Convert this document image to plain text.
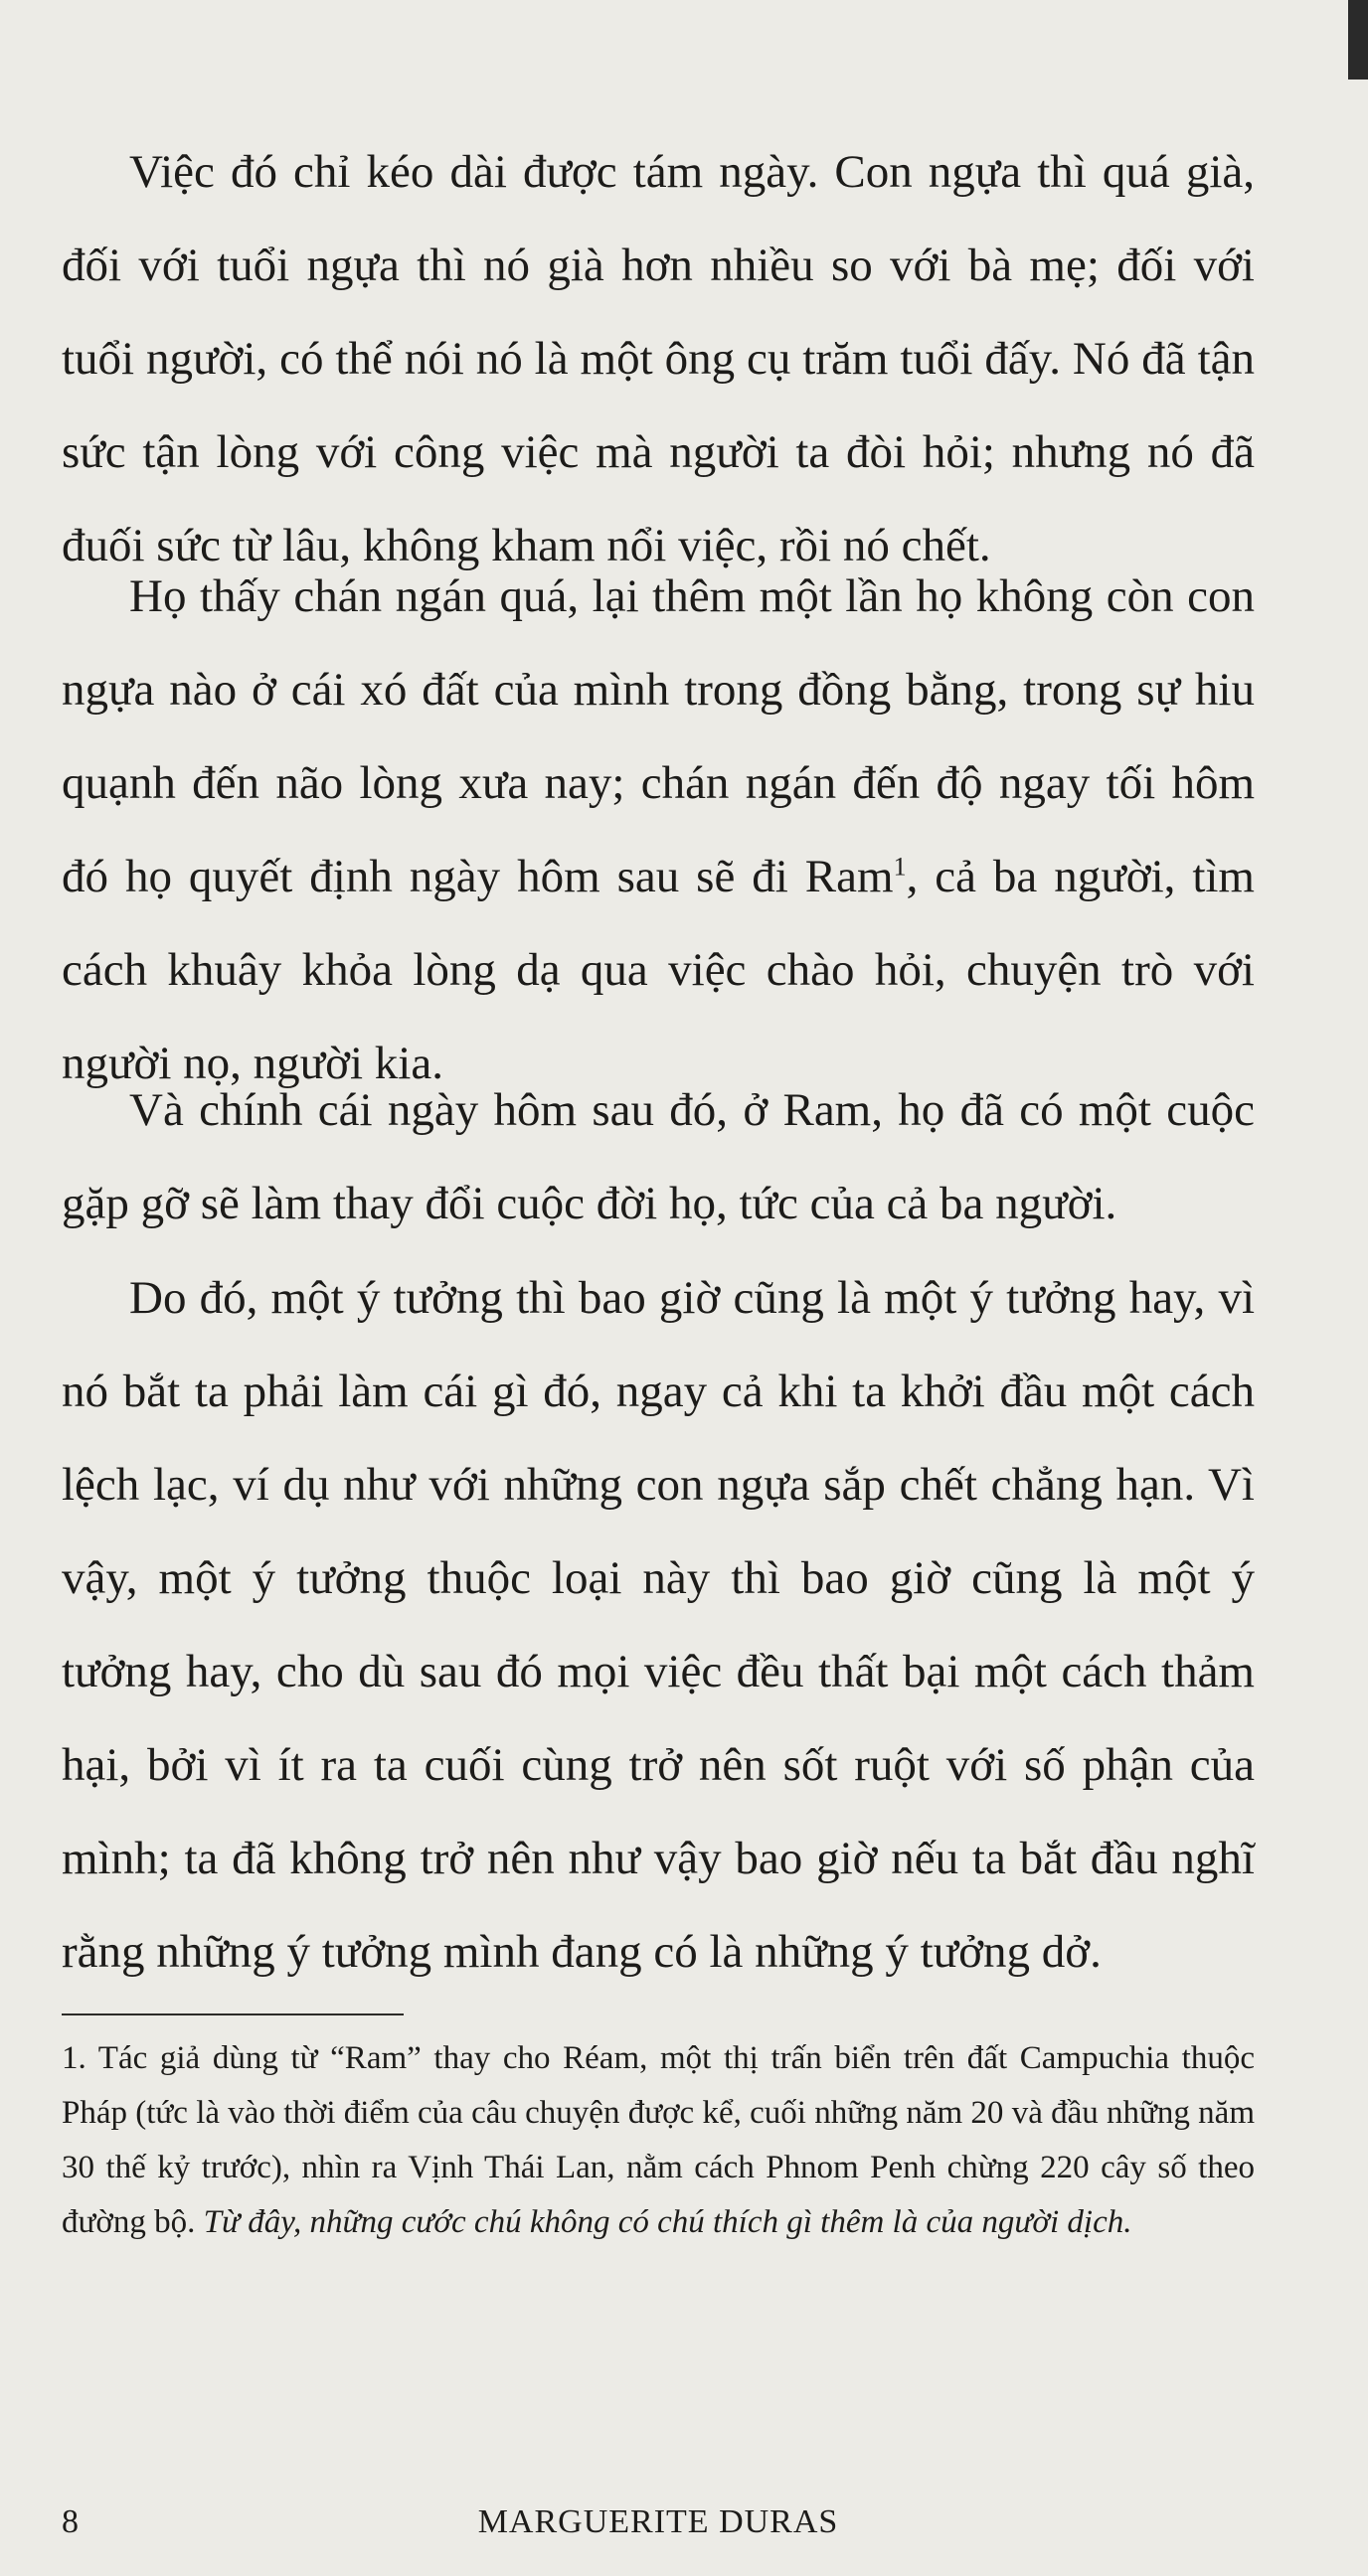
Việc đó chỉ kéo dài được tám ngày. Con ngựa thì quá già, đối với tuổi ngựa thì nó già hơn nhiều so với bà mẹ; đối với tuổi người, có thể nói nó là một ông cụ trăm tuổi đấy. Nó đã tận sức tận lòng với công việc mà người ta đòi hỏi; nhưng nó đã đuối sức từ lâu, không kham nổi việc, rồi nó chết.

Họ thấy chán ngán quá, lại thêm một lần họ không còn con ngựa nào ở cái xó đất của mình trong đồng bằng, trong sự hiu quạnh đến não lòng xưa nay; chán ngán đến độ ngay tối hôm đó họ quyết định ngày hôm sau sẽ đi Ram$^1$, cả ba người, tìm cách khuây khỏa lòng dạ qua việc chào hỏi, chuyện trò với người nọ, người kia.

Và chính cái ngày hôm sau đó, ở Ram, họ đã có một cuộc gặp gỡ sẽ làm thay đổi cuộc đời họ, tức của cả ba người.

Do đó, một ý tưởng thì bao giờ cũng là một ý tưởng hay, vì nó bắt ta phải làm cái gì đó, ngay cả khi ta khởi đầu một cách lệch lạc, ví dụ như với những con ngựa sắp chết chẳng hạn. Vì vậy, một ý tưởng thuộc loại này thì bao giờ cũng là một ý tưởng hay, cho dù sau đó mọi việc đều thất bại một cách thảm hại, bởi vì ít ra ta cuối cùng trở nên sốt ruột với số phận của mình; ta đã không trở nên như vậy bao giờ nếu ta bắt đầu nghĩ rằng những ý tưởng mình đang có là những ý tưởng dở.

1. Tác giả dùng từ “Ram” thay cho Réam, một thị trấn biển trên đất Campuchia thuộc Pháp (tức là vào thời điểm của câu chuyện được kể, cuối những năm 20 và đầu những năm 30 thế kỷ trước), nhìn ra Vịnh Thái Lan, nằm cách Phnom Penh chừng 220 cây số theo đường bộ. Từ đây, những cước chú không có chú thích gì thêm là của người dịch.

8	MARGUERITE DURAS
